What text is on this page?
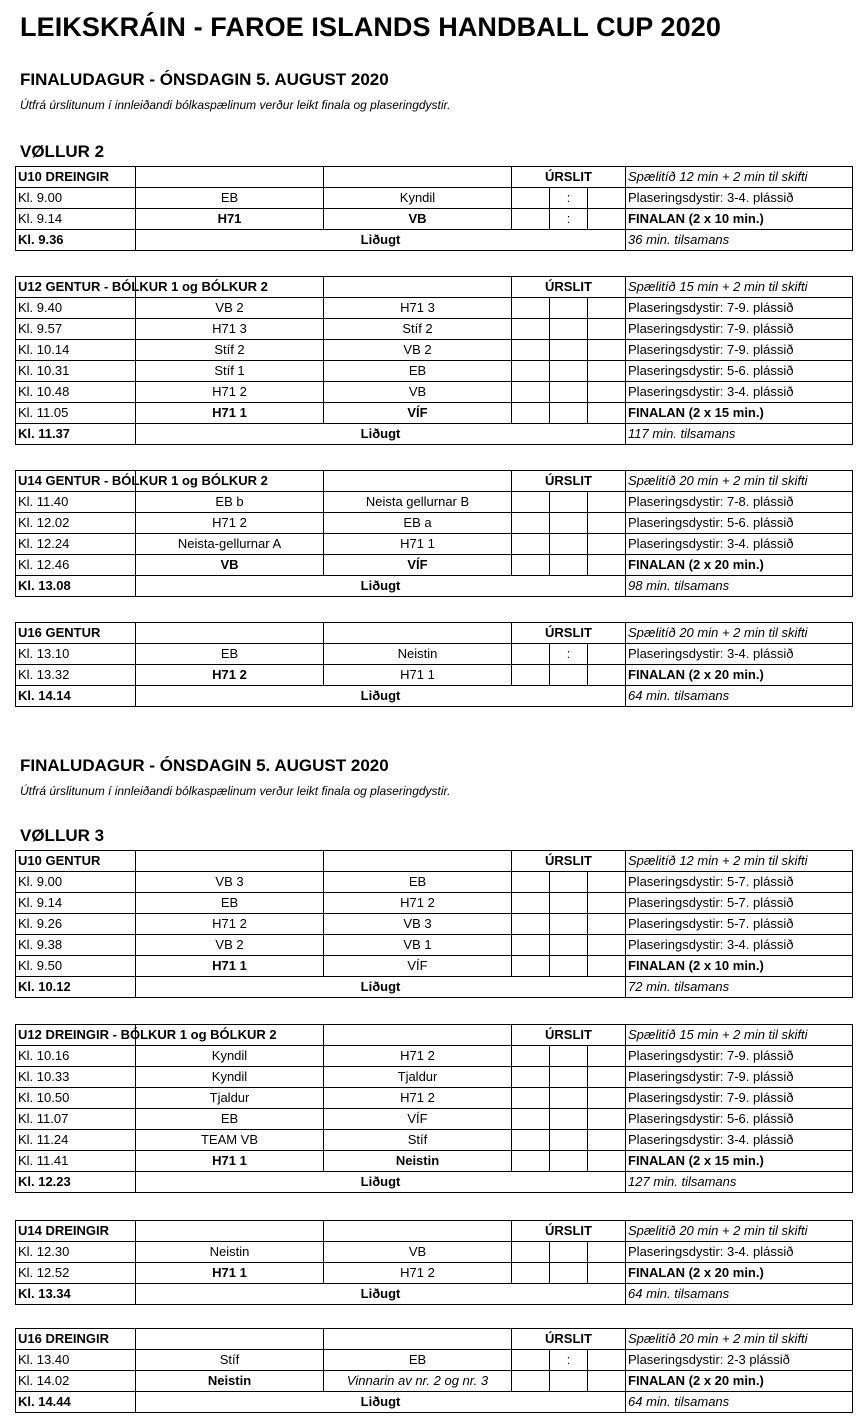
LEIKSKRÁIN - FAROE ISLANDS HANDBALL CUP 2020
FINALUDAGUR - ÓNSDAGIN 5. AUGUST 2020
Útfrá úrslitunum í innleiðandi bólkaspælinum verður leikt finala og plaseringdystir.
VØLLUR 2
U10 DREINGIR			ÚRSLIT			Spælitíð 12 min + 2 min til skifti
Kl. 9.00	EB	Kyndil		:		Plaseringsdystir: 3-4. plássið
Kl. 9.14	H71	VB		:		FINALAN (2 x 10 min.)
Kl. 9.36	Liðugt					36 min. tilsamans
U12 GENTUR - BÓLKUR 1 og BÓLKUR 2			ÚRSLIT			Spælitíð 15 min + 2 min til skifti
Kl. 9.40	VB 2	H71 3				Plaseringsdystir: 7-9. plássið
Kl. 9.57	H71 3	Stíf 2				Plaseringsdystir: 7-9. plássið
Kl. 10.14	Stíf 2	VB 2				Plaseringsdystir: 7-9. plássið
Kl. 10.31	Stíf 1	EB				Plaseringsdystir: 5-6. plássið
Kl. 10.48	H71 2	VB				Plaseringsdystir: 3-4. plássið
Kl. 11.05	H71 1	VÍF				FINALAN (2 x 15 min.)
Kl. 11.37	Liðugt					117 min. tilsamans
U14 GENTUR - BÓLKUR 1 og BÓLKUR 2			ÚRSLIT			Spælitíð 20 min + 2 min til skifti
Kl. 11.40	EB b	Neista gellurnar B				Plaseringsdystir: 7-8. plássið
Kl. 12.02	H71 2	EB a				Plaseringsdystir: 5-6. plássið
Kl. 12.24	Neista-gellurnar A	H71 1				Plaseringsdystir: 3-4. plássið
Kl. 12.46	VB	VÍF				FINALAN (2 x 20 min.)
Kl. 13.08	Liðugt					98 min. tilsamans
U16 GENTUR			ÚRSLIT			Spælitíð 20 min + 2 min til skifti
Kl. 13.10	EB	Neistin		:		Plaseringsdystir: 3-4. plássið
Kl. 13.32	H71 2	H71 1				FINALAN (2 x 20 min.)
Kl. 14.14	Liðugt					64 min. tilsamans
FINALUDAGUR - ÓNSDAGIN 5. AUGUST 2020
Útfrá úrslitunum í innleiðandi bólkaspælinum verður leikt finala og plaseringdystir.
VØLLUR 3
U10 GENTUR			ÚRSLIT			Spælitíð 12 min + 2 min til skifti
Kl. 9.00	VB 3	EB				Plaseringsdystir: 5-7. plássið
Kl. 9.14	EB	H71 2				Plaseringsdystir: 5-7. plássið
Kl. 9.26	H71 2	VB 3				Plaseringsdystir: 5-7. plássið
Kl. 9.38	VB 2	VB 1				Plaseringsdystir: 3-4. plássið
Kl. 9.50	H71 1	VÍF				FINALAN (2 x 10 min.)
Kl. 10.12	Liðugt					72 min. tilsamans
U12 DREINGIR - BÓLKUR 1 og BÓLKUR 2			ÚRSLIT			Spælitíð 15 min + 2 min til skifti
Kl. 10.16	Kyndil	H71 2				Plaseringsdystir: 7-9. plássið
Kl. 10.33	Kyndil	Tjaldur				Plaseringsdystir: 7-9. plássið
Kl. 10.50	Tjaldur	H71 2				Plaseringsdystir: 7-9. plássið
Kl. 11.07	EB	VÍF				Plaseringsdystir: 5-6. plássið
Kl. 11.24	TEAM VB	Stíf				Plaseringsdystir: 3-4. plássið
Kl. 11.41	H71 1	Neistin				FINALAN (2 x 15 min.)
Kl. 12.23	Liðugt					127 min. tilsamans
U14 DREINGIR			ÚRSLIT			Spælitíð 20 min + 2 min til skifti
Kl. 12.30	Neistin	VB				Plaseringsdystir: 3-4. plássið
Kl. 12.52	H71 1	H71 2				FINALAN (2 x 20 min.)
Kl. 13.34	Liðugt					64 min. tilsamans
U16 DREINGIR			ÚRSLIT			Spælitíð 20 min + 2 min til skifti
Kl. 13.40	Stíf	EB		:		Plaseringsdystir: 2-3 plássið
Kl. 14.02	Neistin	Vinnarin av nr. 2 og nr. 3				FINALAN (2 x 20 min.)
Kl. 14.44	Liðugt					64 min. tilsamans
